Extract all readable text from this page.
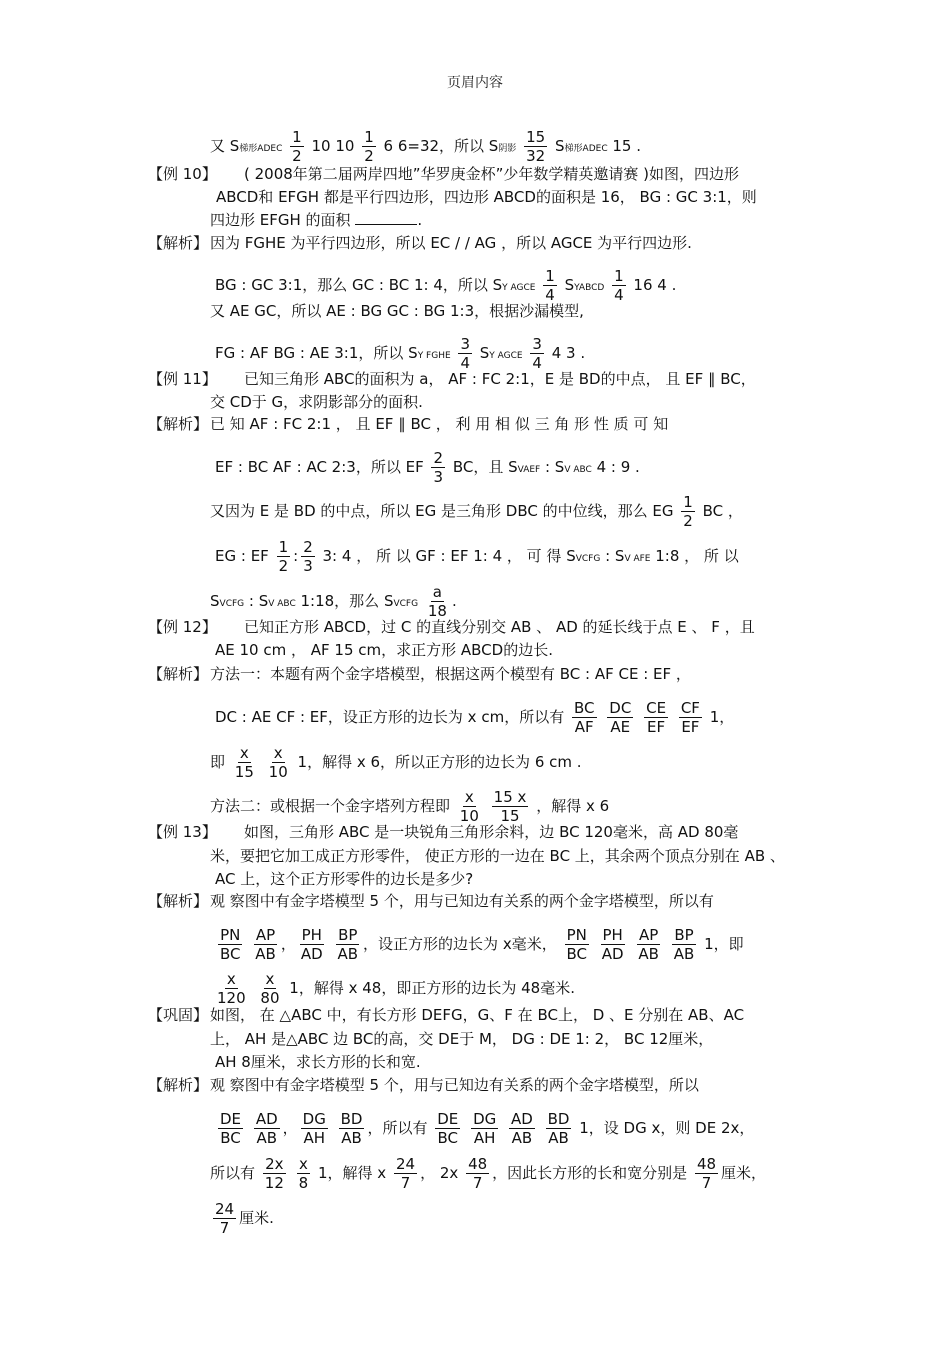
页眉内容
又 S梯形ADEC $\frac{1}{2} 10$ $10 \frac{1}{2} 6$ 6=32，所以 S阴影 $\frac{15}{32}$ S梯形ADEC 15 .
【例 10】 ( 2008年第二届两岸四地”华罗庚金杯”少年数学精英邀请赛 )如图，四边形
ABCD和 EFGH 都是平行四边形，四边形 ABCD的面积是 16， BG : GC 3:1，则
四边形 EFGH 的面积	.
【解析】 因为 FGHE 为平行四边形，所以 EC / / AG ，所以 AGCE 为平行四边形.
BG : GC 3:1，那么 GC : BC 1: 4，所以 SY AGCE $\frac{1}{4}$ SYABCD $\frac{1}{4} 16$ 4 .
又 AE GC，所以 AE : BG GC : BG 1:3，根据沙漏模型,
FG : AF BG : AE 3:1，所以 SY FGHE $\frac{3}{4}$ SY AGCE $\frac{3}{4} 4$ 3 .
【例 11】 已知三角形 ABC的面积为 a， AF : FC 2:1，E 是 BD的中点， 且 EF ∥ BC，
交 CD于 G，求阴影部分的面积.
【解析】 已 知 AF : FC 2:1 ， 且 EF ∥ BC ， 利 用 相 似 三 角 形 性 质 可 知
EF : BC AF : AC 2:3，所以 EF $\frac{2}{3}$ BC，且 SVAEF : SV ABC 4 : 9 .
又因为 E 是 BD 的中点，所以 EG 是三角形 DBC 的中位线，那么 EG $\frac{1}{2}$ BC ，
EG : EF $\frac{1}{2}$ : $\frac{2}{3} 3$: 4 ， 所 以 GF : EF 1: 4 ， 可 得 SVCFG : SV AFE 1:8 ， 所 以
SVCFG : SV ABC 1:18，那么 SVCFG $\frac{a}{18}$ .
【例 12】 已知正方形 ABCD，过 C 的直线分别交 AB 、 AD 的延长线于点 E 、 F ，且
AE 10 cm ， AF 15 cm，求正方形 ABCD的边长.
【解析】 方法一：本题有两个金字塔模型，根据这两个模型有 BC : AF CE : EF ，
DC : AE CF : EF，设正方形的边长为 x cm，所以有 $\frac{BC}{AF}$
$\frac{DC}{AE}$
$\frac{CE}{EF}$
$\frac{CF}{EF} 1$，
即 $\frac{x}{15}$
$\frac{x}{10} 1$，解得 x 6，所以正方形的边长为 6 cm .
方法二：或根据一个金字塔列方程即 $\frac{x}{10}$
$\frac{15 x}{15}$ ，解得 x 6
【例 13】 如图，三角形 ABC 是一块锐角三角形余料，边 BC 120毫米，高 AD 80毫
米，要把它加工成正方形零件， 使正方形的一边在 BC 上，其余两个顶点分别在 AB 、
AC 上，这个正方形零件的边长是多少?
【解析】 观 察图中有金字塔模型 5 个，用与已知边有关系的两个金字塔模型，所以有
$\frac{PN}{BC}$
$\frac{AP}{AB}$ ， $\frac{PH}{AD}$
$\frac{BP}{AB}$ ，设正方形的边长为 x毫米， $\frac{PN}{BC}$
$\frac{PH}{AD}$
$\frac{AP}{AB}$
$\frac{BP}{AB} 1$，即
$\frac{x}{120}$
$\frac{x}{80} 1$，解得 x 48，即正方形的边长为 48毫米.
【巩固】 如图， 在 △ABC 中，有长方形 DEFG，G、F 在 BC上， D 、E 分别在 AB、AC
上， AH 是△ABC 边 BC的高，交 DE于 M， DG : DE 1: 2， BC 12厘米，
AH 8厘米，求长方形的长和宽.
【解析】 观 察图中有金字塔模型 5 个，用与已知边有关系的两个金字塔模型，所以
$\frac{DE}{BC}$
$\frac{AD}{AB}$ ， $\frac{DG}{AH}$
$\frac{BD}{AB}$ ，所以有 $\frac{DE}{BC}$
$\frac{DG}{AH}$
$\frac{AD}{AB}$
$\frac{BD}{AB} 1$，设 DG x，则 DE 2x，
所以有 $\frac{2x}{12}$
$\frac{x}{8} 1$，解得 x $\frac{24}{7}$ ， $2x \frac{48}{7}$ ，因此长方形的长和宽分别是 $\frac{48}{7}$ 厘米，
$\frac{24}{7}$ 厘米.
